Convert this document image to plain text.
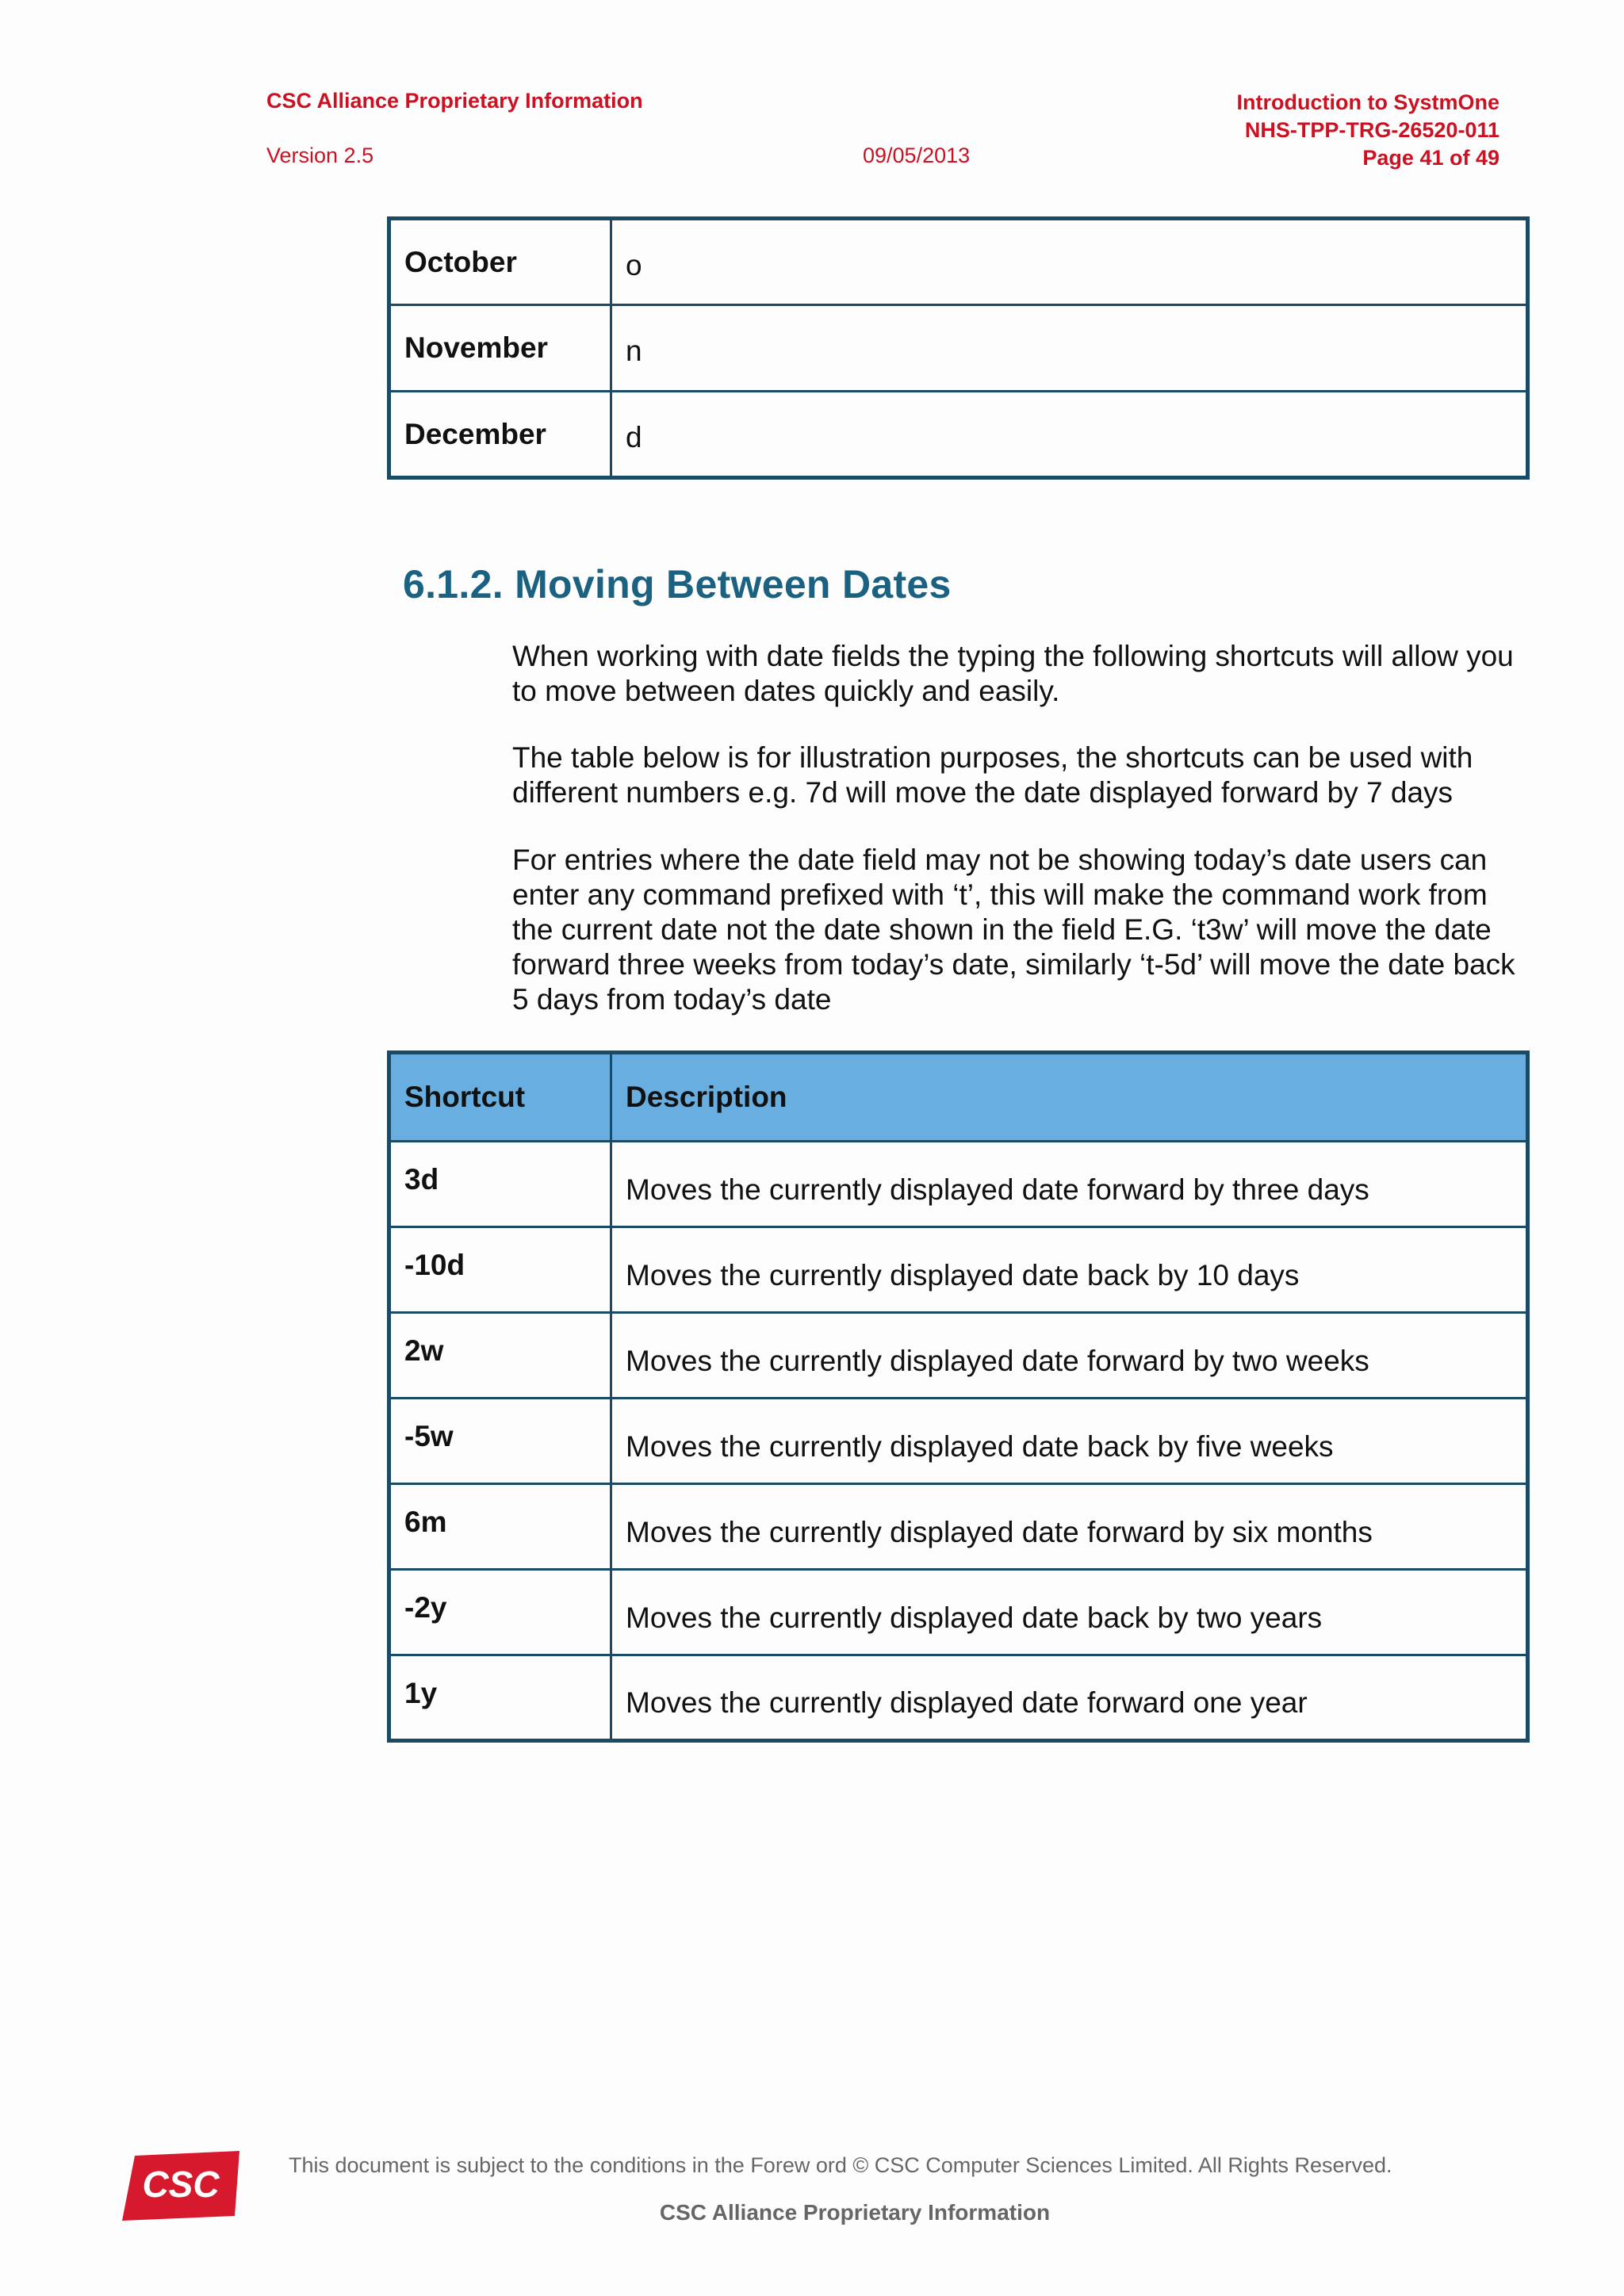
CSC Alliance Proprietary Information
Version 2.5	09/05/2013
Introduction to SystmOne
NHS-TPP-TRG-26520-011
Page 41 of 49
October	o
November	n
December	d
6.1.2. Moving Between Dates

When working with date fields the typing the following shortcuts will allow you to move between dates quickly and easily.

The table below is for illustration purposes, the shortcuts can be used with different numbers e.g. 7d will move the date displayed forward by 7 days

For entries where the date field may not be showing today’s date users can enter any command prefixed with ‘t’, this will make the command work from the current date not the date shown in the field E.G. ‘t3w’ will move the date forward three weeks from today’s date, similarly ‘t-5d’ will move the date back 5 days from today’s date

Shortcut	Description
3d	Moves the currently displayed date forward by three days
-10d	Moves the currently displayed date back by 10 days
2w	Moves the currently displayed date forward by two weeks
-5w	Moves the currently displayed date back by five weeks
6m	Moves the currently displayed date forward by six months
-2y	Moves the currently displayed date back by two years
1y	Moves the currently displayed date forward one year
CSC	This document is subject to the conditions in the Forew ord © CSC Computer Sciences Limited. All Rights Reserved.
CSC Alliance Proprietary Information
